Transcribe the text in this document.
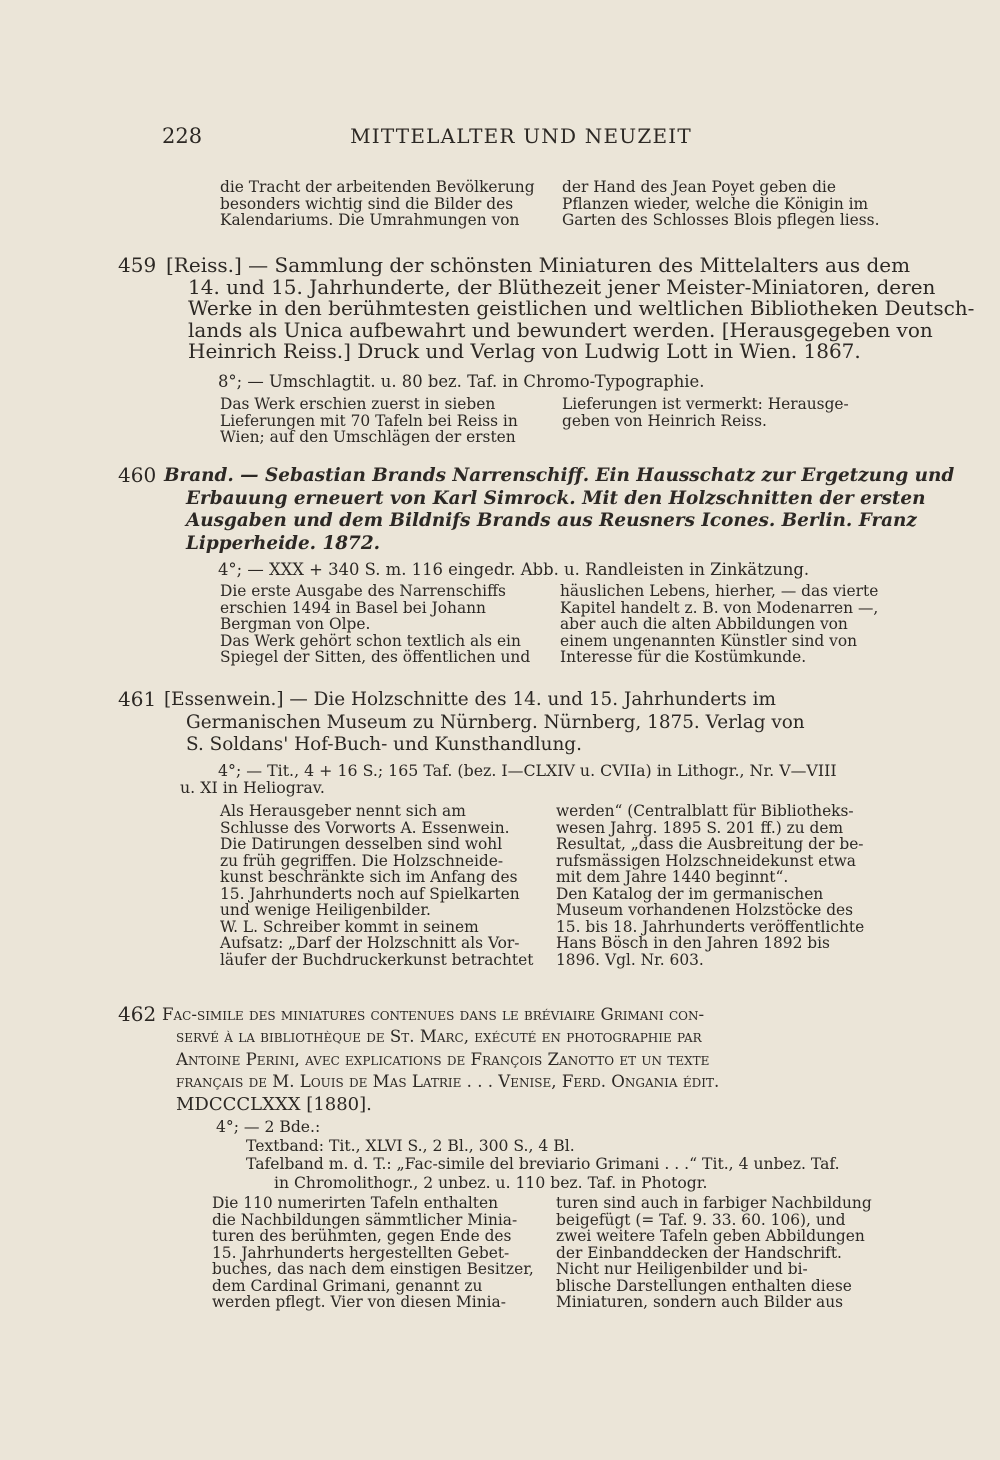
228	MITTELALTER UND NEUZEIT
die Tracht der arbeitenden Bevölkerung
besonders wichtig sind die Bilder des
Kalendariums. Die Umrahmungen von
der Hand des Jean Poyet geben die
Pflanzen wieder, welche die Königin im
Garten des Schlosses Blois pflegen liess.
459 [Reiss.] — Sammlung der schönsten Miniaturen des Mittelalters aus dem
14. und 15. Jahrhunderte, der Blüthezeit jener Meister-Miniatoren, deren
Werke in den berühmtesten geistlichen und weltlichen Bibliotheken Deutsch-
lands als Unica aufbewahrt und bewundert werden. [Herausgegeben von
Heinrich Reiss.] Druck und Verlag von Ludwig Lott in Wien. 1867.
8°; — Umschlagtit. u. 80 bez. Taf. in Chromo-Typographie.
Das Werk erschien zuerst in sieben
Lieferungen mit 70 Tafeln bei Reiss in
Wien; auf den Umschlägen der ersten
Lieferungen ist vermerkt: Herausge-
geben von Heinrich Reiss.
460 Brand. — Sebastian Brands Narrenschiff. Ein Hausschatz zur Ergetzung und
Erbauung erneuert von Karl Simrock. Mit den Holzschnitten der ersten
Ausgaben und dem Bildnifs Brands aus Reusners Icones. Berlin. Franz
Lipperheide. 1872.
4°; — XXX + 340 S. m. 116 eingedr. Abb. u. Randleisten in Zinkätzung.
Die erste Ausgabe des Narrenschiffs
erschien 1494 in Basel bei Johann
Bergman von Olpe.
Das Werk gehört schon textlich als ein
Spiegel der Sitten, des öffentlichen und
häuslichen Lebens, hierher, — das vierte
Kapitel handelt z. B. von Modenarren —,
aber auch die alten Abbildungen von
einem ungenannten Künstler sind von
Interesse für die Kostümkunde.
461 [Essenwein.] — Die Holzschnitte des 14. und 15. Jahrhunderts im
Germanischen Museum zu Nürnberg. Nürnberg, 1875. Verlag von
S. Soldans' Hof-Buch- und Kunsthandlung.
4°; — Tit., 4 + 16 S.; 165 Taf. (bez. I—CLXIV u. CVIIa) in Lithogr., Nr. V—VIII
u. XI in Heliograv.
Als Herausgeber nennt sich am
Schlusse des Vorworts A. Essenwein.
Die Datirungen desselben sind wohl
zu früh gegriffen. Die Holzschneide-
kunst beschränkte sich im Anfang des
15. Jahrhunderts noch auf Spielkarten
und wenige Heiligenbilder.
W. L. Schreiber kommt in seinem
Aufsatz: „Darf der Holzschnitt als Vor-
läufer der Buchdruckerkunst betrachtet
werden“ (Centralblatt für Bibliotheks-
wesen Jahrg. 1895 S. 201 ff.) zu dem
Resultat, „dass die Ausbreitung der be-
rufsmässigen Holzschneidekunst etwa
mit dem Jahre 1440 beginnt“.
Den Katalog der im germanischen
Museum vorhandenen Holzstöcke des
15. bis 18. Jahrhunderts veröffentlichte
Hans Bösch in den Jahren 1892 bis
1896. Vgl. Nr. 603.
462 Fac-simile des miniatures contenues dans le bréviaire Grimani con-
servé à la bibliothèque de St. Marc, exécuté en photographie par
Antoine Perini, avec explications de François Zanotto et un texte
français de M. Louis de Mas Latrie . . . Venise, Ferd. Ongania édit.
MDCCCLXXX [1880].
4°; — 2 Bde.:
Textband: Tit., XLVI S., 2 Bl., 300 S., 4 Bl.
Tafelband m. d. T.: „Fac-simile del breviario Grimani . . .“ Tit., 4 unbez. Taf.
in Chromolithogr., 2 unbez. u. 110 bez. Taf. in Photogr.
Die 110 numerirten Tafeln enthalten
die Nachbildungen sämmtlicher Minia-
turen des berühmten, gegen Ende des
15. Jahrhunderts hergestellten Gebet-
buches, das nach dem einstigen Besitzer,
dem Cardinal Grimani, genannt zu
werden pflegt. Vier von diesen Minia-
turen sind auch in farbiger Nachbildung
beigefügt (= Taf. 9. 33. 60. 106), und
zwei weitere Tafeln geben Abbildungen
der Einbanddecken der Handschrift.
Nicht nur Heiligenbilder und bi-
blische Darstellungen enthalten diese
Miniaturen, sondern auch Bilder aus
